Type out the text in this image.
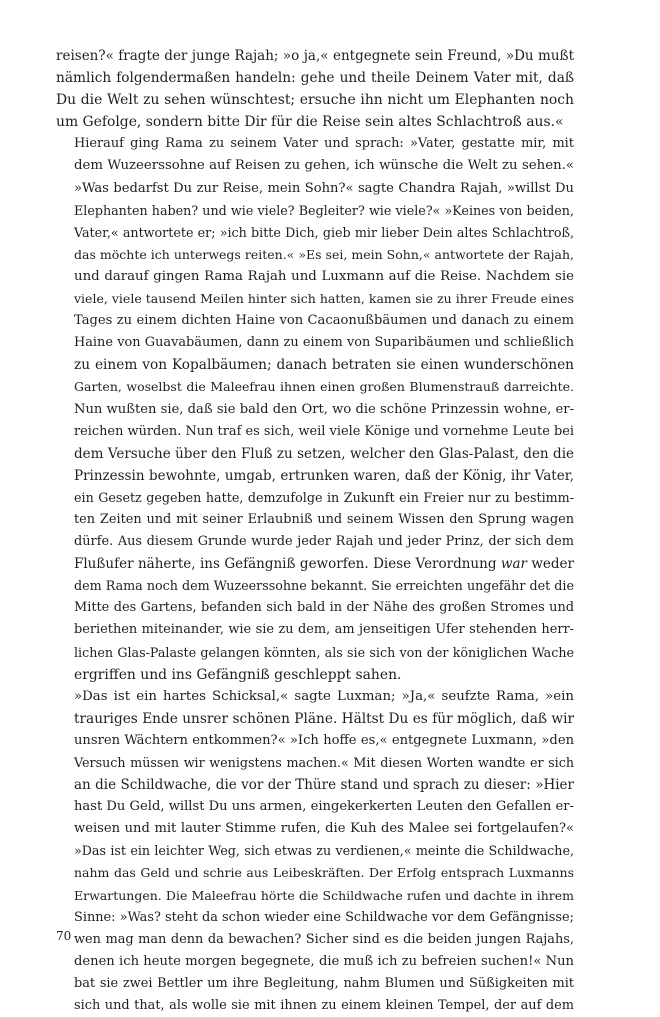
reisen?« fragte der junge Rajah; »o ja,« entgegnete sein Freund, »Du mußt
nämlich folgendermaßen handeln: gehe und theile Deinem Vater mit, daß
Du die Welt zu sehen wünschtest; ersuche ihn nicht um Elephanten noch
um Gefolge, sondern bitte Dir für die Reise sein altes Schlachtroß aus.«

Hierauf ging Rama zu seinem Vater und sprach: »Vater, gestatte mir, mit
dem Wuzeerssohne auf Reisen zu gehen, ich wünsche die Welt zu sehen.«
»Was bedarfst Du zur Reise, mein Sohn?« sagte Chandra Rajah, »willst Du
Elephanten haben? und wie viele? Begleiter? wie viele?« »Keines von beiden,
Vater,« antwortete er; »ich bitte Dich, gieb mir lieber Dein altes Schlachtroß,
das möchte ich unterwegs reiten.« »Es sei, mein Sohn,« antwortete der Rajah,
und darauf gingen Rama Rajah und Luxmann auf die Reise. Nachdem sie
viele, viele tausend Meilen hinter sich hatten, kamen sie zu ihrer Freude eines
Tages zu einem dichten Haine von Cacaonußbäumen und danach zu einem
Haine von Guavabäumen, dann zu einem von Suparibäumen und schließlich
zu einem von Kopalbäumen; danach betraten sie einen wunderschönen
Garten, woselbst die Maleefrau ihnen einen großen Blumenstrauß darreichte.
Nun wußten sie, daß sie bald den Ort, wo die schöne Prinzessin wohne, er-
reichen würden. Nun traf es sich, weil viele Könige und vornehme Leute bei
dem Versuche über den Fluß zu setzen, welcher den Glas-Palast, den die
Prinzessin bewohnte, umgab, ertrunken waren, daß der König, ihr Vater,
ein Gesetz gegeben hatte, demzufolge in Zukunft ein Freier nur zu bestimm-
ten Zeiten und mit seiner Erlaubniß und seinem Wissen den Sprung wagen
dürfe. Aus diesem Grunde wurde jeder Rajah und jeder Prinz, der sich dem
Flußufer näherte, ins Gefängniß geworfen. Diese Verordnung war weder
dem Rama noch dem Wuzeerssohne bekannt. Sie erreichten ungefähr det die
Mitte des Gartens, befanden sich bald in der Nähe des großen Stromes und
beriethen miteinander, wie sie zu dem, am jenseitigen Ufer stehenden herr-
lichen Glas-Palaste gelangen könnten, als sie sich von der königlichen Wache
ergriffen und ins Gefängniß geschleppt sahen.

»Das ist ein hartes Schicksal,« sagte Luxman; »Ja,« seufzte Rama, »ein
trauriges Ende unsrer schönen Pläne. Hältst Du es für möglich, daß wir
unsren Wächtern entkommen?« »Ich hoffe es,« entgegnete Luxmann, »den
Versuch müssen wir wenigstens machen.« Mit diesen Worten wandte er sich
an die Schildwache, die vor der Thüre stand und sprach zu dieser: »Hier
hast Du Geld, willst Du uns armen, eingekerkerten Leuten den Gefallen er-
weisen und mit lauter Stimme rufen, die Kuh des Malee sei fortgelaufen?«
»Das ist ein leichter Weg, sich etwas zu verdienen,« meinte die Schildwache,
nahm das Geld und schrie aus Leibeskräften. Der Erfolg entsprach Luxmanns
Erwartungen. Die Maleefrau hörte die Schildwache rufen und dachte in ihrem
Sinne: »Was? steht da schon wieder eine Schildwache vor dem Gefängnisse;
wen mag man denn da bewachen? Sicher sind es die beiden jungen Rajahs,
denen ich heute morgen begegnete, die muß ich zu befreien suchen!« Nun
bat sie zwei Bettler um ihre Begleitung, nahm Blumen und Süßigkeiten mit
sich und that, als wolle sie mit ihnen zu einem kleinen Tempel, der auf dem

70
